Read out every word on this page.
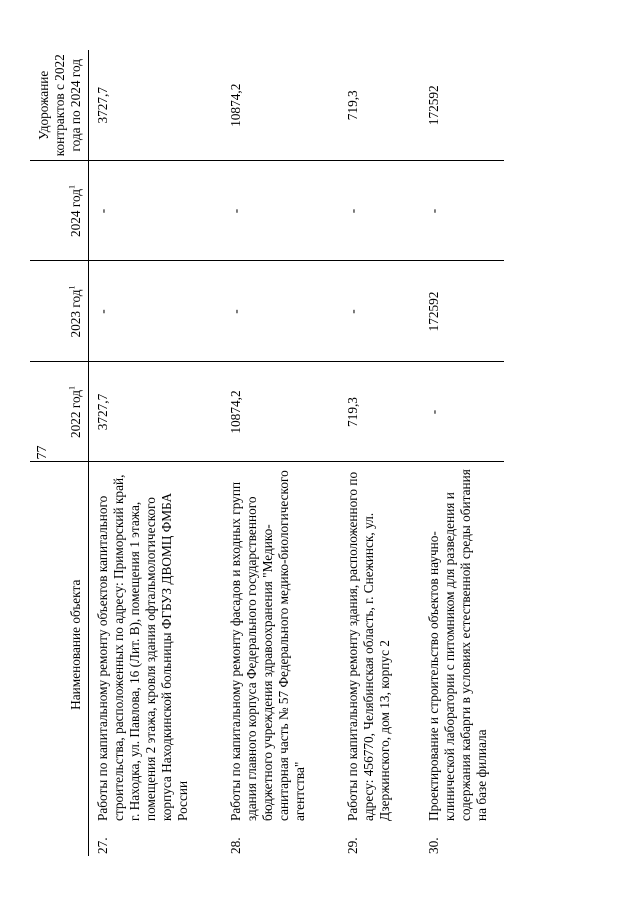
77
	Наименование объекта	2022 год$^1$	2023 год$^1$	2024 год$^1$	Удорожание контрактов с 2022 года по 2024 год
27.	Работы по капитальному ремонту объектов капитального строительства, расположенных по адресу: Приморский край, г. Находка, ул. Павлова, 16 (Лит. В), помещения 1 этажа, помещения 2 этажа, кровля здания офтальмологического корпуса Находкинской больницы ФГБУЗ ДВОМЦ ФМБА России	3727,7	-	-	3727,7
28.	Работы по капитальному ремонту фасадов и входных групп здания главного корпуса Федерального государственного бюджетного учреждения здравоохранения "Медико-санитарная часть № 57 Федерального медико-биологического агентства"	10874,2	-	-	10874,2
29.	Работы по капитальному ремонту здания, расположенного по адресу: 456770, Челябинская область, г. Снежинск, ул. Дзержинского, дом 13, корпус 2	719,3	-	-	719,3
30.	Проектирование и строительство объектов научно-клинической лаборатории с питомником для разведения и содержания кабарги в условиях естественной среды обитания на базе филиала	-	172592	-	172592
